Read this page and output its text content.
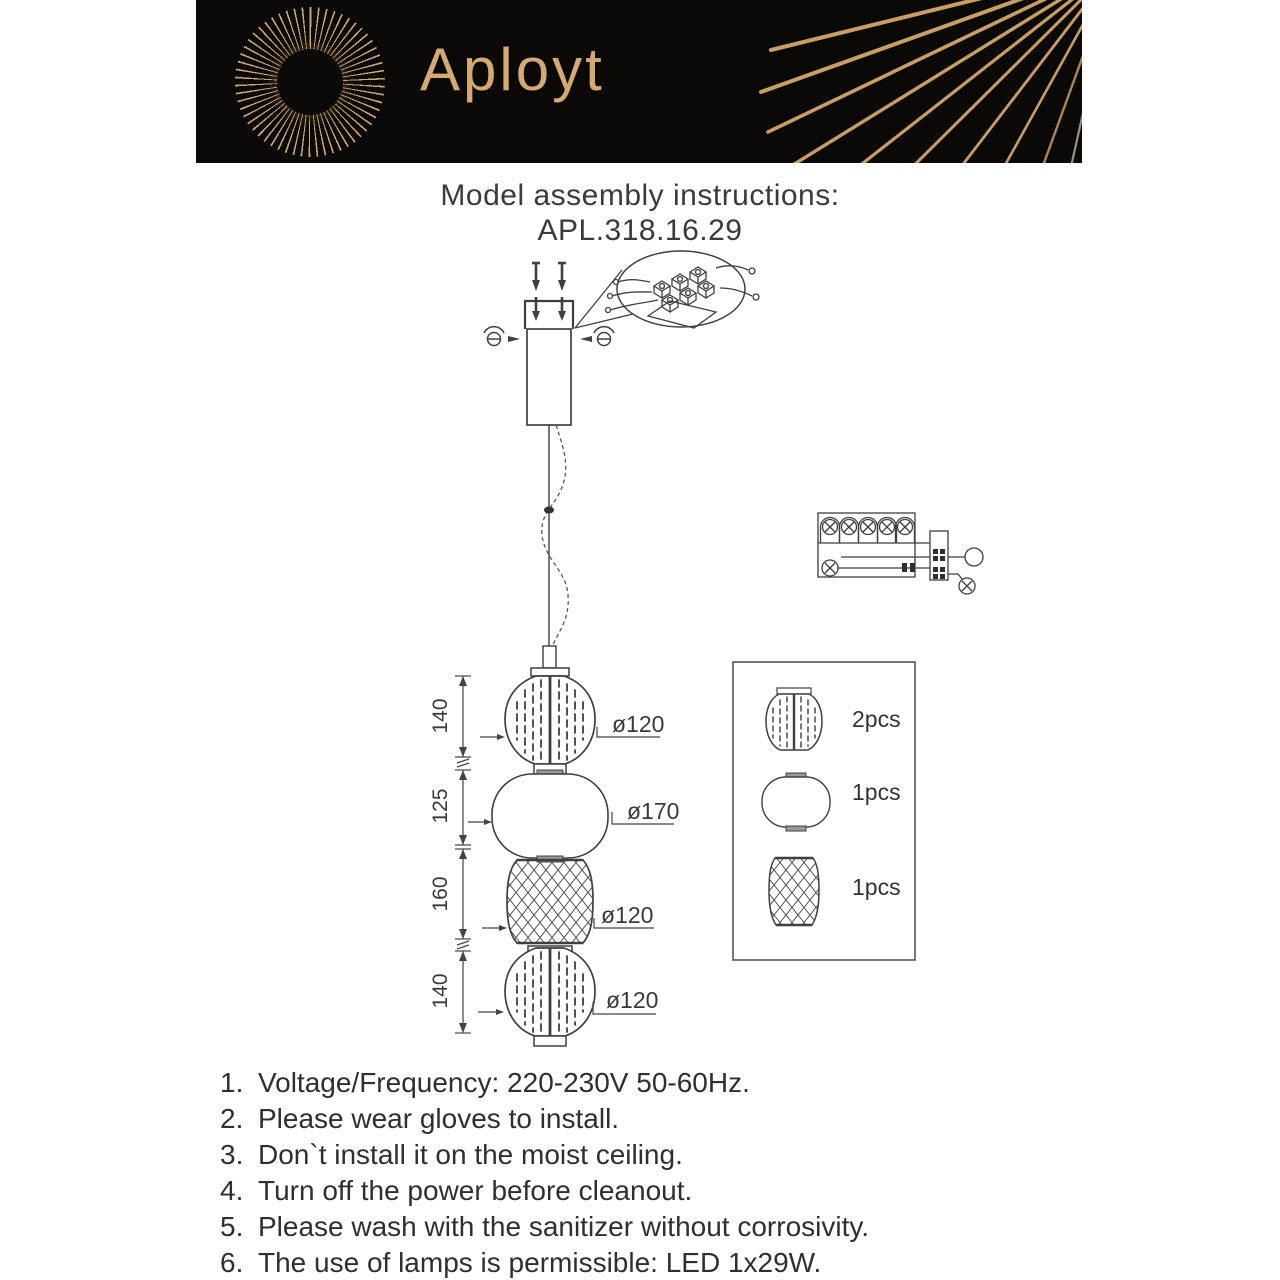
Aployt
Model assembly instructions:
APL.318.16.29
140
125
160
140
ø120
ø170
ø120
ø120
2pcs
1pcs
1pcs
1. Voltage/Frequency: 220-230V 50-60Hz.
2. Please wear gloves to install.
3. Don`t install it on the moist ceiling.
4. Turn off the power before cleanout.
5. Please wash with the sanitizer without corrosivity.
6. The use of lamps is permissible: LED 1x29W.
